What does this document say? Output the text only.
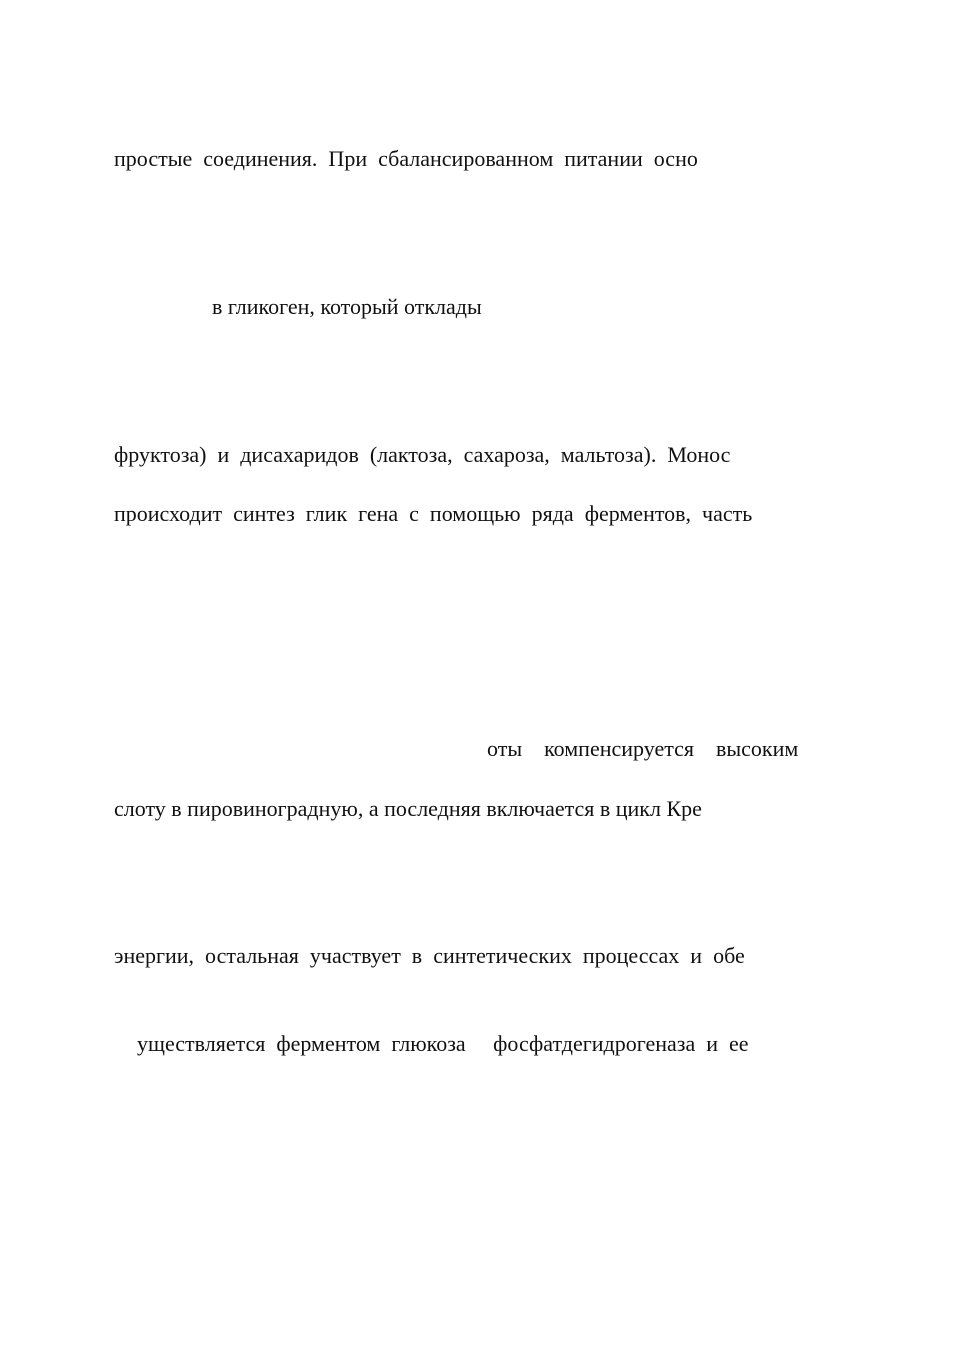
простые  соединения.  При  сбалансированном  питании  осно

в гликоген, который отклады

фруктоза)  и  дисахаридов  (лактоза,  сахароза,  мальтоза).  Монос

происходит  синтез  глик  гена  с  помощью  ряда  ферментов,  часть

оты    компенсируется    высоким

слоту в пировиноградную, а последняя включается в цикл Кре

энергии,  остальная  участвует  в  синтетических  процессах  и  обе

уществляется  ферментом  глюкоза     фосфатдегидрогеназа  и  ее
